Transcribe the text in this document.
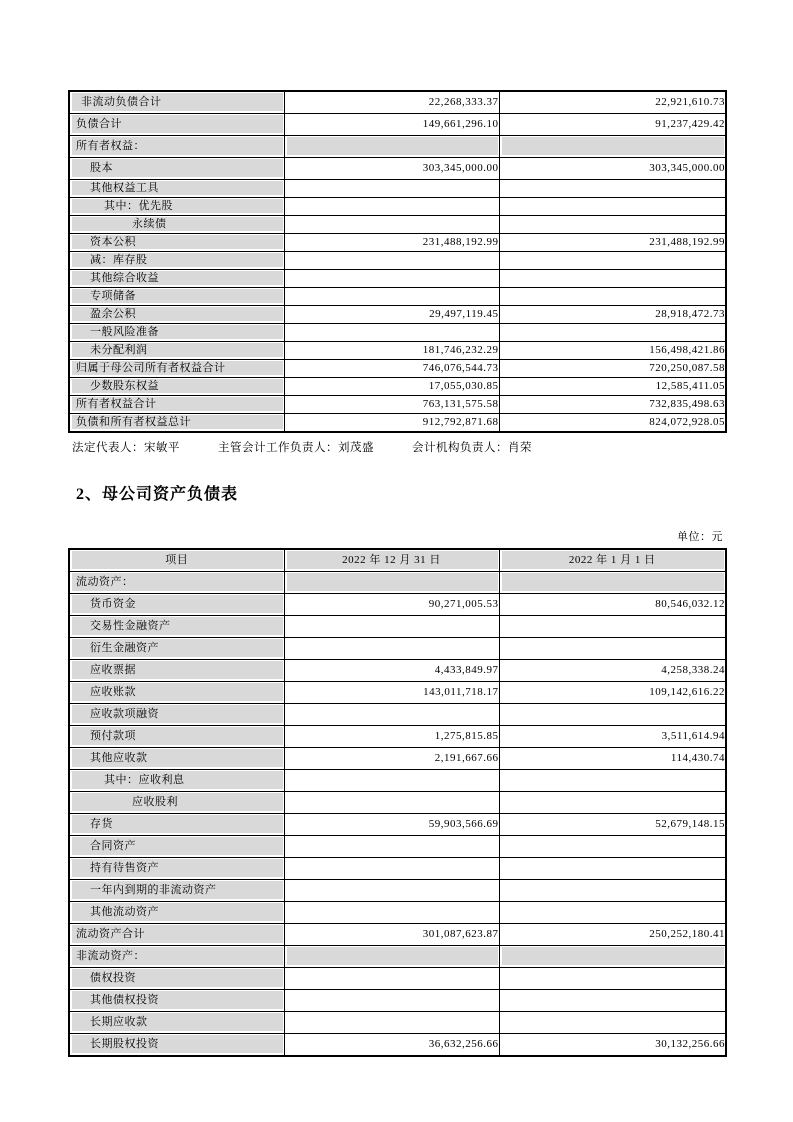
非流动负债合计	22,268,333.37	22,921,610.73
负债合计	149,661,296.10	91,237,429.42
所有者权益：		
股本	303,345,000.00	303,345,000.00
其他权益工具		
其中：优先股		
永续债		
资本公积	231,488,192.99	231,488,192.99
减：库存股		
其他综合收益		
专项储备		
盈余公积	29,497,119.45	28,918,472.73
一般风险准备		
未分配利润	181,746,232.29	156,498,421.86
归属于母公司所有者权益合计	746,076,544.73	720,250,087.58
少数股东权益	17,055,030.85	12,585,411.05
所有者权益合计	763,131,575.58	732,835,498.63
负债和所有者权益总计	912,792,871.68	824,072,928.05
法定代表人：宋敏平	主管会计工作负责人：刘茂盛	会计机构负责人：肖荣
2、母公司资产负债表
单位：元
项目	2022 年 12 月 31 日	2022 年 1 月 1 日
流动资产：		
货币资金	90,271,005.53	80,546,032.12
交易性金融资产		
衍生金融资产		
应收票据	4,433,849.97	4,258,338.24
应收账款	143,011,718.17	109,142,616.22
应收款项融资		
预付款项	1,275,815.85	3,511,614.94
其他应收款	2,191,667.66	114,430.74
其中：应收利息		
应收股利		
存货	59,903,566.69	52,679,148.15
合同资产		
持有待售资产		
一年内到期的非流动资产		
其他流动资产		
流动资产合计	301,087,623.87	250,252,180.41
非流动资产：		
债权投资		
其他债权投资		
长期应收款		
长期股权投资	36,632,256.66	30,132,256.66
